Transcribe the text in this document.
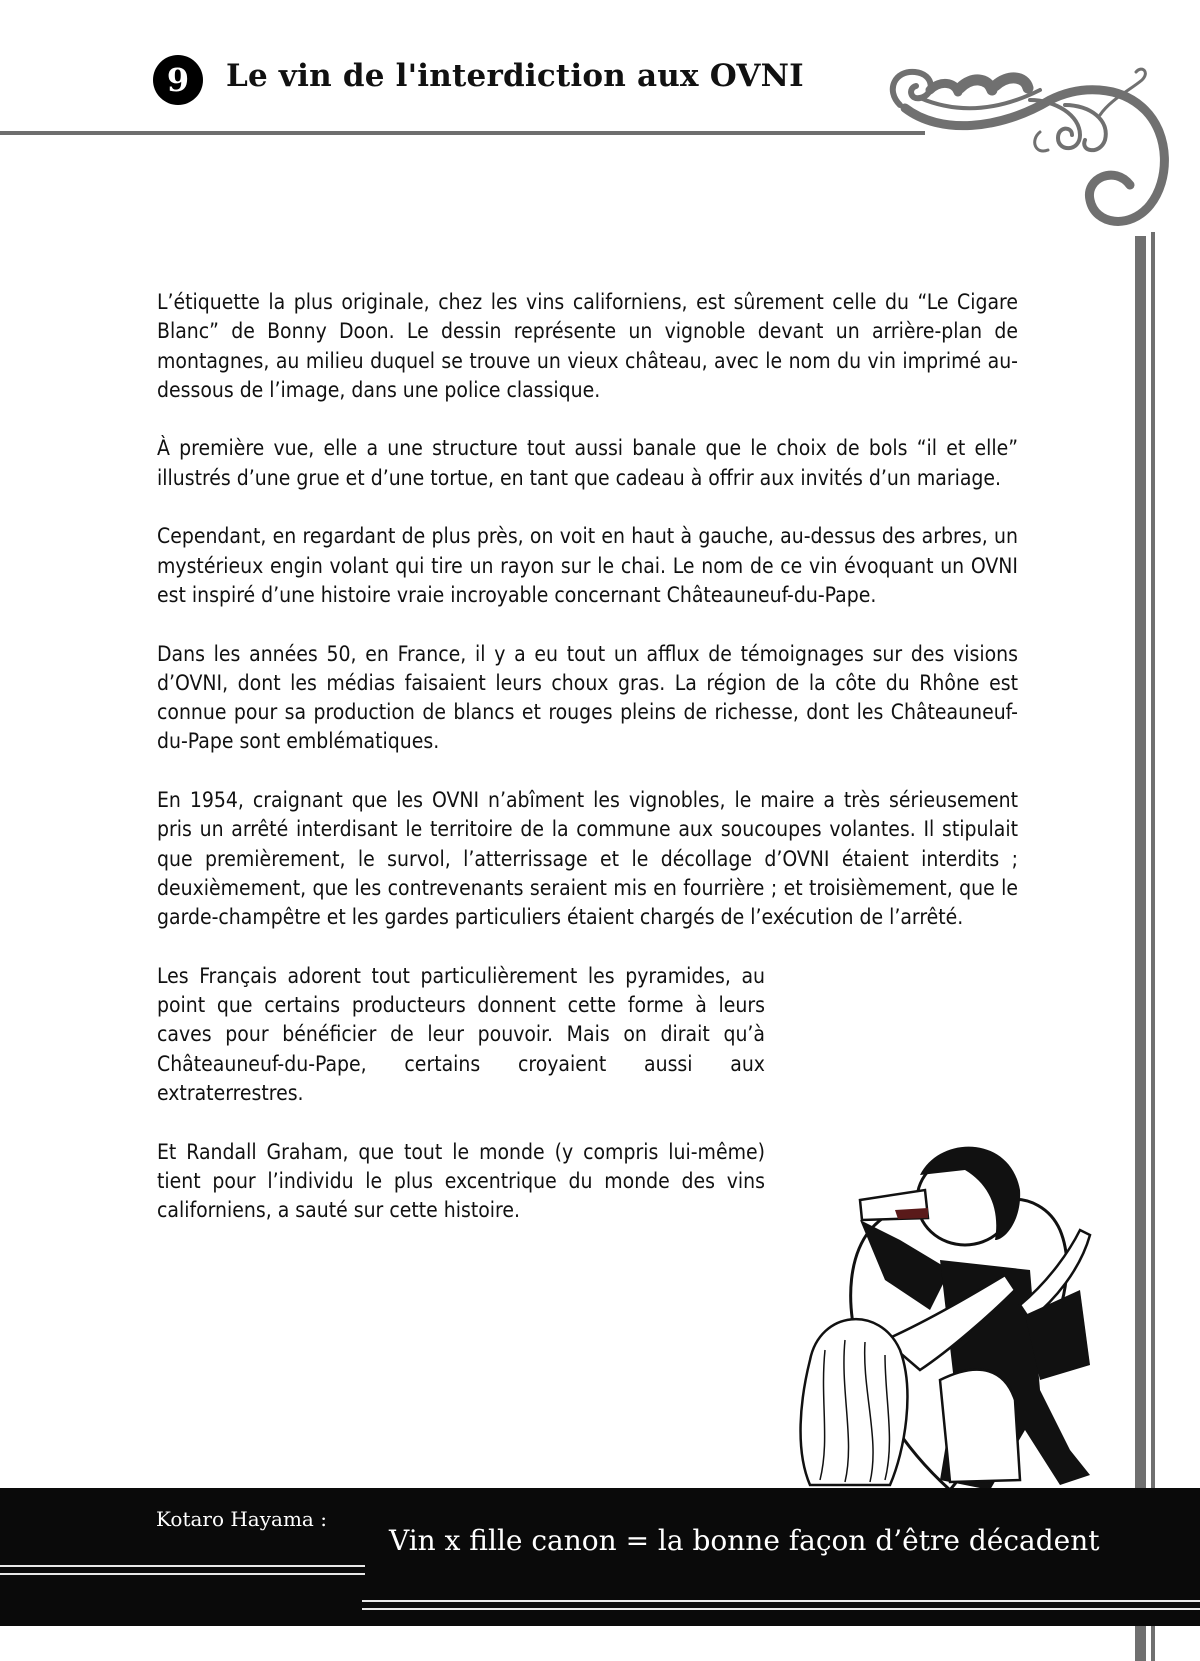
9	Le vin de l'interdiction aux OVNI

L’étiquette la plus originale, chez les vins californiens, est sûrement celle du “Le Cigare Blanc” de Bonny Doon. Le dessin représente un vignoble devant un arrière-plan de montagnes, au milieu duquel se trouve un vieux château, avec le nom du vin imprimé au-dessous de l’image, dans une police classique.

À première vue, elle a une structure tout aussi banale que le choix de bols “il et elle” illustrés d’une grue et d’une tortue, en tant que cadeau à offrir aux invités d’un mariage.

Cependant, en regardant de plus près, on voit en haut à gauche, au-dessus des arbres, un mystérieux engin volant qui tire un rayon sur le chai. Le nom de ce vin évoquant un OVNI est inspiré d’une histoire vraie incroyable concernant Châteauneuf-du-Pape.

Dans les années 50, en France, il y a eu tout un afflux de témoignages sur des visions d’OVNI, dont les médias faisaient leurs choux gras. La région de la côte du Rhône est connue pour sa production de blancs et rouges pleins de richesse, dont les Châteauneuf-du-Pape sont emblématiques.

En 1954, craignant que les OVNI n’abîment les vignobles, le maire a très sérieusement pris un arrêté interdisant le territoire de la commune aux soucoupes volantes. Il stipulait que premièrement, le survol, l’atterrissage et le décollage d’OVNI étaient interdits ; deuxièmement, que les contrevenants seraient mis en fourrière ; et troisièmement, que le garde-champêtre et les gardes particuliers étaient chargés de l’exécution de l’arrêté.

Les Français adorent tout particulièrement les pyramides, au point que certains producteurs donnent cette forme à leurs caves pour bénéficier de leur pouvoir. Mais on dirait qu’à Châteauneuf-du-Pape, certains croyaient aussi aux extraterrestres.

Et Randall Graham, que tout le monde (y compris lui-même) tient pour l’individu le plus excentrique du monde des vins californiens, a sauté sur cette histoire.

Kotaro Hayama :
Vin x fille canon = la bonne façon d’être décadent
